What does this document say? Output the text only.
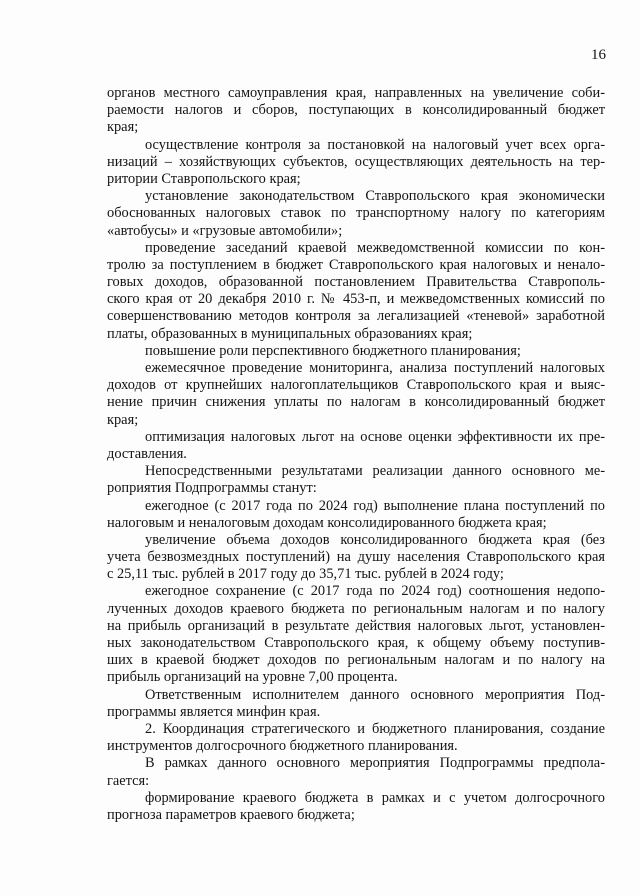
16
органов местного самоуправления края, направленных на увеличение соби-
раемости налогов и сборов, поступающих в консолидированный бюджет
края;
осуществление контроля за постановкой на налоговый учет всех орга-
низаций – хозяйствующих субъектов, осуществляющих деятельность на тер-
ритории Ставропольского края;
установление законодательством Ставропольского края экономически
обоснованных налоговых ставок по транспортному налогу по категориям
«автобусы» и «грузовые автомобили»;
проведение заседаний краевой межведомственной комиссии по кон-
тролю за поступлением в бюджет Ставропольского края налоговых и ненало-
говых доходов, образованной постановлением Правительства Ставрополь-
ского края от 20 декабря 2010 г. № 453-п, и межведомственных комиссий по
совершенствованию методов контроля за легализацией «теневой» заработной
платы, образованных в муниципальных образованиях края;
повышение роли перспективного бюджетного планирования;
ежемесячное проведение мониторинга, анализа поступлений налоговых
доходов от крупнейших налогоплательщиков Ставропольского края и выяс-
нение причин снижения уплаты по налогам в консолидированный бюджет
края;
оптимизация налоговых льгот на основе оценки эффективности их пре-
доставления.
Непосредственными результатами реализации данного основного ме-
роприятия Подпрограммы станут:
ежегодное (с 2017 года по 2024 год) выполнение плана поступлений по
налоговым и неналоговым доходам консолидированного бюджета края;
увеличение объема доходов консолидированного бюджета края (без
учета безвозмездных поступлений) на душу населения Ставропольского края
с 25,11 тыс. рублей в 2017 году до 35,71 тыс. рублей в 2024 году;
ежегодное сохранение (с 2017 года по 2024 год) соотношения недопо-
лученных доходов краевого бюджета по региональным налогам и по налогу
на прибыль организаций в результате действия налоговых льгот, установлен-
ных законодательством Ставропольского края, к общему объему поступив-
ших в краевой бюджет доходов по региональным налогам и по налогу на
прибыль организаций на уровне 7,00 процента.
Ответственным исполнителем данного основного мероприятия Под-
программы является минфин края.
2. Координация стратегического и бюджетного планирования, создание
инструментов долгосрочного бюджетного планирования.
В рамках данного основного мероприятия Подпрограммы предпола-
гается:
формирование краевого бюджета в рамках и с учетом долгосрочного
прогноза параметров краевого бюджета;
